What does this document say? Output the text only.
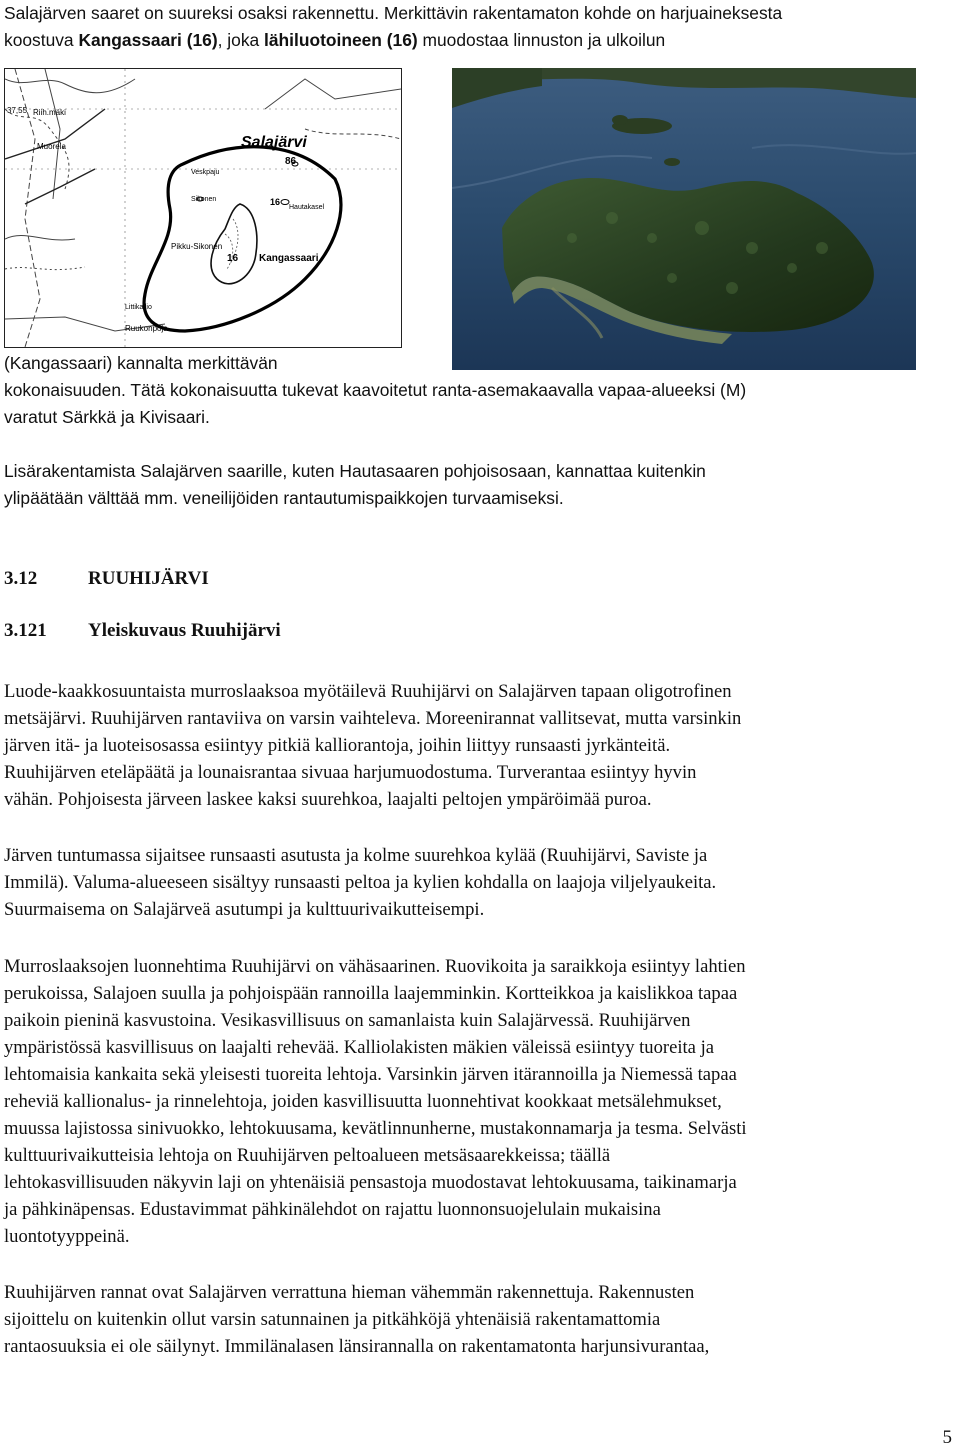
Salajärven saaret on suureksi osaksi rakennettu. Merkittävin rakentamaton kohde on harjuaineksesta
koostuva Kangassaari (16), joka lähiluotoineen (16) muodostaa linnuston ja ulkoilun
Salajärvi
86
Riih.mäki
Veskpaju
Muorela
Sikonen
Hautakasel
Pikku-Sikonen
Kangassaari
16
16
Littikallio
Ruukonpoja
37,55
(Kangassaari) kannalta merkittävän
kokonaisuuden. Tätä kokonaisuutta tukevat kaavoitetut ranta-asemakaavalla vapaa-alueeksi (M)
varatut Särkkä ja Kivisaari.
Lisärakentamista Salajärven saarille, kuten Hautasaaren pohjoisosaan, kannattaa kuitenkin
ylipäätään välttää mm. veneilijöiden rantautumispaikkojen turvaamiseksi.
3.12	RUUHIJÄRVI
3.121 Yleiskuvaus Ruuhijärvi
Luode-kaakkosuuntaista murroslaaksoa myötäilevä Ruuhijärvi on Salajärven tapaan oligotrofinen
metsäjärvi. Ruuhijärven rantaviiva on varsin vaihteleva. Moreenirannat vallitsevat, mutta varsinkin
järven itä- ja luoteisosassa esiintyy pitkiä kalliorantoja, joihin liittyy runsaasti jyrkänteitä.
Ruuhijärven eteläpäätä ja lounaisrantaa sivuaa harjumuodostuma. Turverantaa esiintyy hyvin
vähän. Pohjoisesta järveen laskee kaksi suurehkoa, laajalti peltojen ympäröimää puroa.
Järven tuntumassa sijaitsee runsaasti asutusta ja kolme suurehkoa kylää (Ruuhijärvi, Saviste ja
Immilä). Valuma-alueeseen sisältyy runsaasti peltoa ja kylien kohdalla on laajoja viljelyaukeita.
Suurmaisema on Salajärveä asutumpi ja kulttuurivaikutteisempi.
Murroslaaksojen luonnehtima Ruuhijärvi on vähäsaarinen. Ruovikoita ja saraikkoja esiintyy lahtien
perukoissa, Salajoen suulla ja pohjoispään rannoilla laajemminkin. Kortteikkoa ja kaislikkoa tapaa
paikoin pieninä kasvustoina. Vesikasvillisuus on samanlaista kuin Salajärvessä. Ruuhijärven
ympäristössä kasvillisuus on laajalti rehevää. Kalliolakisten mäkien väleissä esiintyy tuoreita ja
lehtomaisia kankaita sekä yleisesti tuoreita lehtoja. Varsinkin järven itärannoilla ja Niemessä tapaa
reheviä kallionalus- ja rinnelehtoja, joiden kasvillisuutta luonnehtivat kookkaat metsälehmukset,
muussa lajistossa sinivuokko, lehtokuusama, kevätlinnunherne, mustakonnamarja ja tesma. Selvästi
kulttuurivaikutteisia lehtoja on Ruuhijärven peltoalueen metsäsaarekkeissa; täällä
lehtokasvillisuuden näkyvin laji on yhtenäisiä pensastoja muodostavat lehtokuusama, taikinamarja
ja pähkinäpensas. Edustavimmat pähkinälehdot on rajattu luonnonsuojelulain mukaisina
luontotyyppeinä.
Ruuhijärven rannat ovat Salajärven verrattuna hieman vähemmän rakennettuja. Rakennusten
sijoittelu on kuitenkin ollut varsin satunnainen ja pitkähköjä yhtenäisiä rakentamattomia
rantaosuuksia ei ole säilynyt. Immilänalasen länsirannalla on rakentamatonta harjunsivurantaa,
5
